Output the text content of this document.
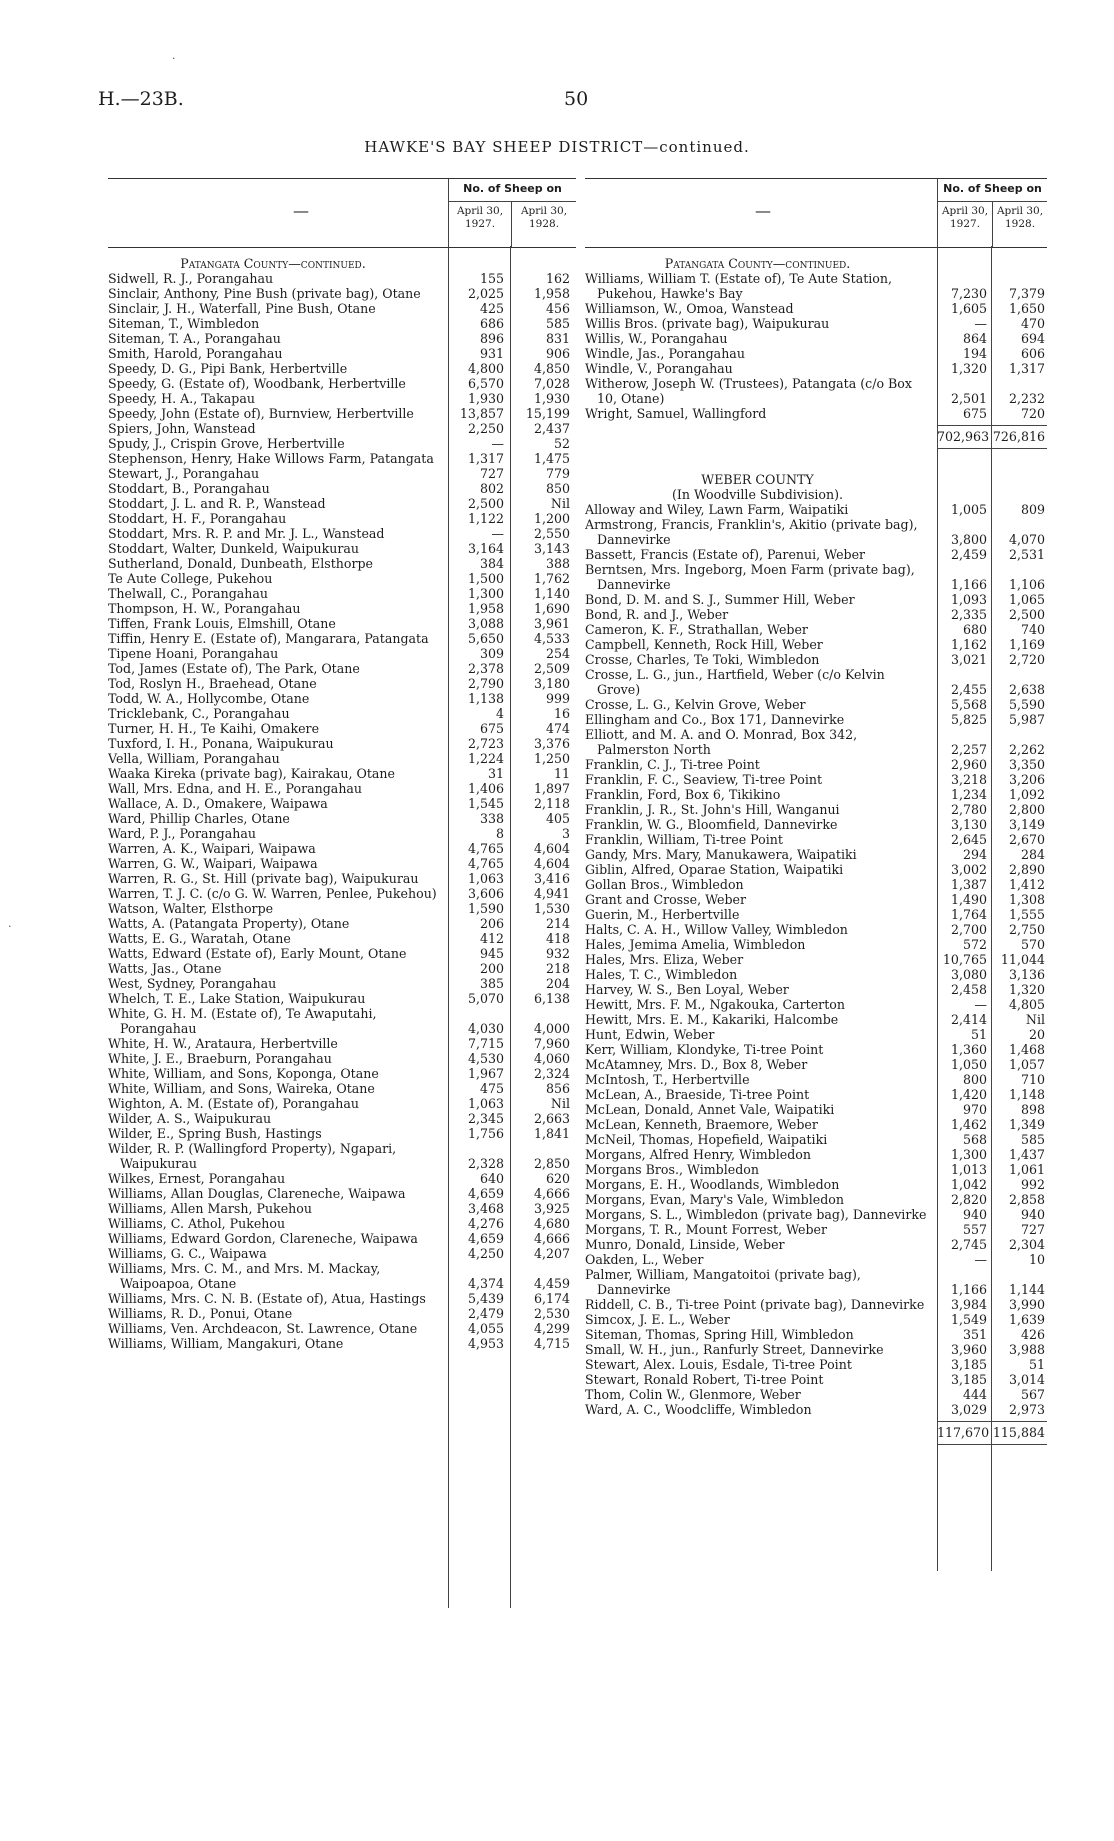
H.—23B.	50
HAWKE'S BAY SHEEP DISTRICT—continued.
—
No. of Sheep on
April 30, 1927.
April 30, 1928.
Patangata County—continued.
Sidwell, R. J., Porangahau	155	162
Sinclair, Anthony, Pine Bush (private bag), Otane	2,025	1,958
Sinclair, J. H., Waterfall, Pine Bush, Otane	425	456
Siteman, T., Wimbledon	686	585
Siteman, T. A., Porangahau	896	831
Smith, Harold, Porangahau	931	906
Speedy, D. G., Pipi Bank, Herbertville	4,800	4,850
Speedy, G. (Estate of), Woodbank, Herbertville	6,570	7,028
Speedy, H. A., Takapau	1,930	1,930
Speedy, John (Estate of), Burnview, Herbertville	13,857	15,199
Spiers, John, Wanstead	2,250	2,437
Spudy, J., Crispin Grove, Herbertville	—	52
Stephenson, Henry, Hake Willows Farm, Patangata	1,317	1,475
Stewart, J., Porangahau	727	779
Stoddart, B., Porangahau	802	850
Stoddart, J. L. and R. P., Wanstead	2,500	Nil
Stoddart, H. F., Porangahau	1,122	1,200
Stoddart, Mrs. R. P. and Mr. J. L., Wanstead	—	2,550
Stoddart, Walter, Dunkeld, Waipukurau	3,164	3,143
Sutherland, Donald, Dunbeath, Elsthorpe	384	388
Te Aute College, Pukehou	1,500	1,762
Thelwall, C., Porangahau	1,300	1,140
Thompson, H. W., Porangahau	1,958	1,690
Tiffen, Frank Louis, Elmshill, Otane	3,088	3,961
Tiffin, Henry E. (Estate of), Mangarara, Patangata	5,650	4,533
Tipene Hoani, Porangahau	309	254
Tod, James (Estate of), The Park, Otane	2,378	2,509
Tod, Roslyn H., Braehead, Otane	2,790	3,180
Todd, W. A., Hollycombe, Otane	1,138	999
Tricklebank, C., Porangahau	4	16
Turner, H. H., Te Kaihi, Omakere	675	474
Tuxford, I. H., Ponana, Waipukurau	2,723	3,376
Vella, William, Porangahau	1,224	1,250
Waaka Kireka (private bag), Kairakau, Otane	31	11
Wall, Mrs. Edna, and H. E., Porangahau	1,406	1,897
Wallace, A. D., Omakere, Waipawa	1,545	2,118
Ward, Phillip Charles, Otane	338	405
Ward, P. J., Porangahau	8	3
Warren, A. K., Waipari, Waipawa	4,765	4,604
Warren, G. W., Waipari, Waipawa	4,765	4,604
Warren, R. G., St. Hill (private bag), Waipukurau	1,063	3,416
Warren, T. J. C. (c/o G. W. Warren, Penlee, Pukehou)	3,606	4,941
Watson, Walter, Elsthorpe	1,590	1,530
Watts, A. (Patangata Property), Otane	206	214
Watts, E. G., Waratah, Otane	412	418
Watts, Edward (Estate of), Early Mount, Otane	945	932
Watts, Jas., Otane	200	218
West, Sydney, Porangahau	385	204
Whelch, T. E., Lake Station, Waipukurau	5,070	6,138
White, G. H. M. (Estate of), Te Awaputahi, Porangahau	4,030	4,000
White, H. W., Arataura, Herbertville	7,715	7,960
White, J. E., Braeburn, Porangahau	4,530	4,060
White, William, and Sons, Koponga, Otane	1,967	2,324
White, William, and Sons, Waireka, Otane	475	856
Wighton, A. M. (Estate of), Porangahau	1,063	Nil
Wilder, A. S., Waipukurau	2,345	2,663
Wilder, E., Spring Bush, Hastings	1,756	1,841
Wilder, R. P. (Wallingford Property), Ngapari, Waipukurau	2,328	2,850
Wilkes, Ernest, Porangahau	640	620
Williams, Allan Douglas, Clareneche, Waipawa	4,659	4,666
Williams, Allen Marsh, Pukehou	3,468	3,925
Williams, C. Athol, Pukehou	4,276	4,680
Williams, Edward Gordon, Clareneche, Waipawa	4,659	4,666
Williams, G. C., Waipawa	4,250	4,207
Williams, Mrs. C. M., and Mrs. M. Mackay, Waipoapoa, Otane	4,374	4,459
Williams, Mrs. C. N. B. (Estate of), Atua, Hastings	5,439	6,174
Williams, R. D., Ponui, Otane	2,479	2,530
Williams, Ven. Archdeacon, St. Lawrence, Otane	4,055	4,299
Williams, William, Mangakuri, Otane	4,953	4,715
—
No. of Sheep on
April 30, 1927.
April 30, 1928.
Patangata County—continued.
Williams, William T. (Estate of), Te Aute Station, Pukehou, Hawke's Bay	7,230	7,379
Williamson, W., Omoa, Wanstead	1,605	1,650
Willis Bros. (private bag), Waipukurau	—	470
Willis, W., Porangahau	864	694
Windle, Jas., Porangahau	194	606
Windle, V., Porangahau	1,320	1,317
Witherow, Joseph W. (Trustees), Patangata (c/o Box 10, Otane)	2,501	2,232
Wright, Samuel, Wallingford	675	720
702,963 726,816
WEBER COUNTY
(In Woodville Subdivision).
Alloway and Wiley, Lawn Farm, Waipatiki	1,005	809
Armstrong, Francis, Franklin's, Akitio (private bag), Dannevirke	3,800	4,070
Bassett, Francis (Estate of), Parenui, Weber	2,459	2,531
Berntsen, Mrs. Ingeborg, Moen Farm (private bag), Dannevirke	1,166	1,106
Bond, D. M. and S. J., Summer Hill, Weber	1,093	1,065
Bond, R. and J., Weber	2,335	2,500
Cameron, K. F., Strathallan, Weber	680	740
Campbell, Kenneth, Rock Hill, Weber	1,162	1,169
Crosse, Charles, Te Toki, Wimbledon	3,021	2,720
Crosse, L. G., jun., Hartfield, Weber (c/o Kelvin Grove)	2,455	2,638
Crosse, L. G., Kelvin Grove, Weber	5,568	5,590
Ellingham and Co., Box 171, Dannevirke	5,825	5,987
Elliott, and M. A. and O. Monrad, Box 342, Palmerston North	2,257	2,262
Franklin, C. J., Ti-tree Point	2,960	3,350
Franklin, F. C., Seaview, Ti-tree Point	3,218	3,206
Franklin, Ford, Box 6, Tikikino	1,234	1,092
Franklin, J. R., St. John's Hill, Wanganui	2,780	2,800
Franklin, W. G., Bloomfield, Dannevirke	3,130	3,149
Franklin, William, Ti-tree Point	2,645	2,670
Gandy, Mrs. Mary, Manukawera, Waipatiki	294	284
Giblin, Alfred, Oparae Station, Waipatiki	3,002	2,890
Gollan Bros., Wimbledon	1,387	1,412
Grant and Crosse, Weber	1,490	1,308
Guerin, M., Herbertville	1,764	1,555
Halts, C. A. H., Willow Valley, Wimbledon	2,700	2,750
Hales, Jemima Amelia, Wimbledon	572	570
Hales, Mrs. Eliza, Weber	10,765	11,044
Hales, T. C., Wimbledon	3,080	3,136
Harvey, W. S., Ben Loyal, Weber	2,458	1,320
Hewitt, Mrs. F. M., Ngakouka, Carterton	—	4,805
Hewitt, Mrs. E. M., Kakariki, Halcombe	2,414	Nil
Hunt, Edwin, Weber	51	20
Kerr, William, Klondyke, Ti-tree Point	1,360	1,468
McAtamney, Mrs. D., Box 8, Weber	1,050	1,057
McIntosh, T., Herbertville	800	710
McLean, A., Braeside, Ti-tree Point	1,420	1,148
McLean, Donald, Annet Vale, Waipatiki	970	898
McLean, Kenneth, Braemore, Weber	1,462	1,349
McNeil, Thomas, Hopefield, Waipatiki	568	585
Morgans, Alfred Henry, Wimbledon	1,300	1,437
Morgans Bros., Wimbledon	1,013	1,061
Morgans, E. H., Woodlands, Wimbledon	1,042	992
Morgans, Evan, Mary's Vale, Wimbledon	2,820	2,858
Morgans, S. L., Wimbledon (private bag), Dannevirke	940	940
Morgans, T. R., Mount Forrest, Weber	557	727
Munro, Donald, Linside, Weber	2,745	2,304
Oakden, L., Weber	—	10
Palmer, William, Mangatoitoi (private bag), Dannevirke	1,166	1,144
Riddell, C. B., Ti-tree Point (private bag), Dannevirke	3,984	3,990
Simcox, J. E. L., Weber	1,549	1,639
Siteman, Thomas, Spring Hill, Wimbledon	351	426
Small, W. H., jun., Ranfurly Street, Dannevirke	3,960	3,988
Stewart, Alex. Louis, Esdale, Ti-tree Point	3,185	51
Stewart, Ronald Robert, Ti-tree Point	3,185	3,014
Thom, Colin W., Glenmore, Weber	444	567
Ward, A. C., Woodcliffe, Wimbledon	3,029	2,973
117,670 115,884
·
·
